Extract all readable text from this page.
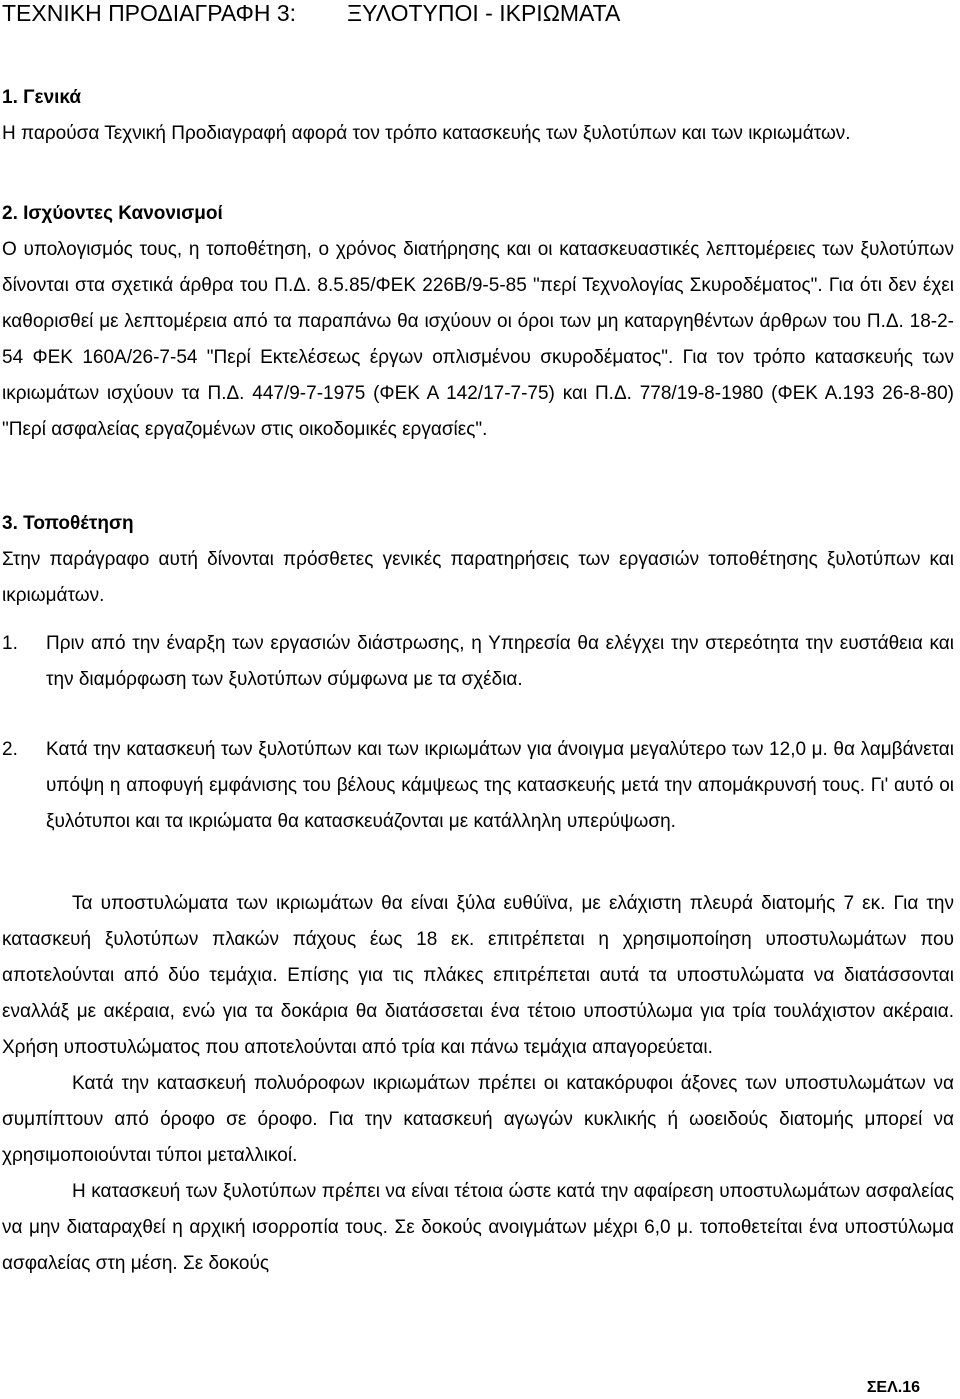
ΤΕΧΝΙΚΗ ΠΡΟΔΙΑΓΡΑΦΗ 3:        ΞΥΛΟΤΥΠΟΙ - ΙΚΡΙΩΜΑΤΑ

1. Γενικά

Η παρούσα Τεχνική Προδιαγραφή αφορά τον τρόπο κατασκευής των ξυλοτύπων και των ικριωμάτων.

2. Ισχύοντες Κανονισμοί

Ο υπολογισμός τους, η τοποθέτηση, ο χρόνος διατήρησης και οι κατασκευαστικές λεπτομέρειες των ξυλοτύπων δίνονται στα σχετικά άρθρα του Π.Δ. 8.5.85/ΦΕΚ 226Β/9-5-85 "περί Τεχνολογίας Σκυροδέματος". Για ότι δεν έχει καθορισθεί με λεπτομέρεια από τα παραπάνω θα ισχύουν οι όροι των μη καταργηθέντων άρθρων του Π.Δ. 18-2-54 ΦΕΚ 160Α/26-7-54 "Περί Εκτελέσεως έργων οπλισμένου σκυροδέματος". Για τον τρόπο κατασκευής των ικριωμάτων ισχύουν τα Π.Δ. 447/9-7-1975 (ΦΕΚ Α 142/17-7-75) και Π.Δ. 778/19-8-1980 (ΦΕΚ Α.193 26-8-80) "Περί ασφαλείας εργαζομένων στις οικοδομικές εργασίες".

3. Τοποθέτηση

Στην παράγραφο αυτή δίνονται πρόσθετες γενικές παρατηρήσεις των εργασιών τοποθέτησης ξυλοτύπων και ικριωμάτων.

1.	Πριν από την έναρξη των εργασιών διάστρωσης, η Υπηρεσία θα ελέγχει την στερεότητα την ευστάθεια και την διαμόρφωση των ξυλοτύπων σύμφωνα με τα σχέδια.
2.	Κατά την κατασκευή των ξυλοτύπων και των ικριωμάτων για άνοιγμα μεγαλύτερο των 12,0 μ. θα λαμβάνεται υπόψη η αποφυγή εμφάνισης του βέλους κάμψεως της κατασκευής μετά την απομάκρυνσή τους. Γι' αυτό οι ξυλότυποι και τα ικριώματα θα κατασκευάζονται με κατάλληλη υπερύψωση.

Τα υποστυλώματα των ικριωμάτων θα είναι ξύλα ευθύϊνα, με ελάχιστη πλευρά διατομής 7 εκ. Για την κατασκευή ξυλοτύπων πλακών πάχους έως 18 εκ. επιτρέπεται η χρησιμοποίηση υποστυλωμάτων που αποτελούνται από δύο τεμάχια. Επίσης για τις πλάκες επιτρέπεται αυτά τα υποστυλώματα να διατάσσονται εναλλάξ με ακέραια, ενώ για τα δοκάρια θα διατάσσεται ένα τέτοιο υποστύλωμα για τρία τουλάχιστον ακέραια. Χρήση υποστυλώματος που αποτελούνται από τρία και πάνω τεμάχια απαγορεύεται.

Κατά την κατασκευή πολυόροφων ικριωμάτων πρέπει οι κατακόρυφοι άξονες των υποστυλωμάτων να συμπίπτουν από όροφο σε όροφο. Για την κατασκευή αγωγών κυκλικής ή ωοειδούς διατομής μπορεί να χρησιμοποιούνται τύποι μεταλλικοί.

Η κατασκευή των ξυλοτύπων πρέπει να είναι τέτοια ώστε κατά την αφαίρεση υποστυλωμάτων ασφαλείας να μην διαταραχθεί η αρχική ισορροπία τους. Σε δοκούς ανοιγμάτων μέχρι 6,0 μ. τοποθετείται ένα υποστύλωμα ασφαλείας στη μέση. Σε δοκούς

ΣΕΛ.16
